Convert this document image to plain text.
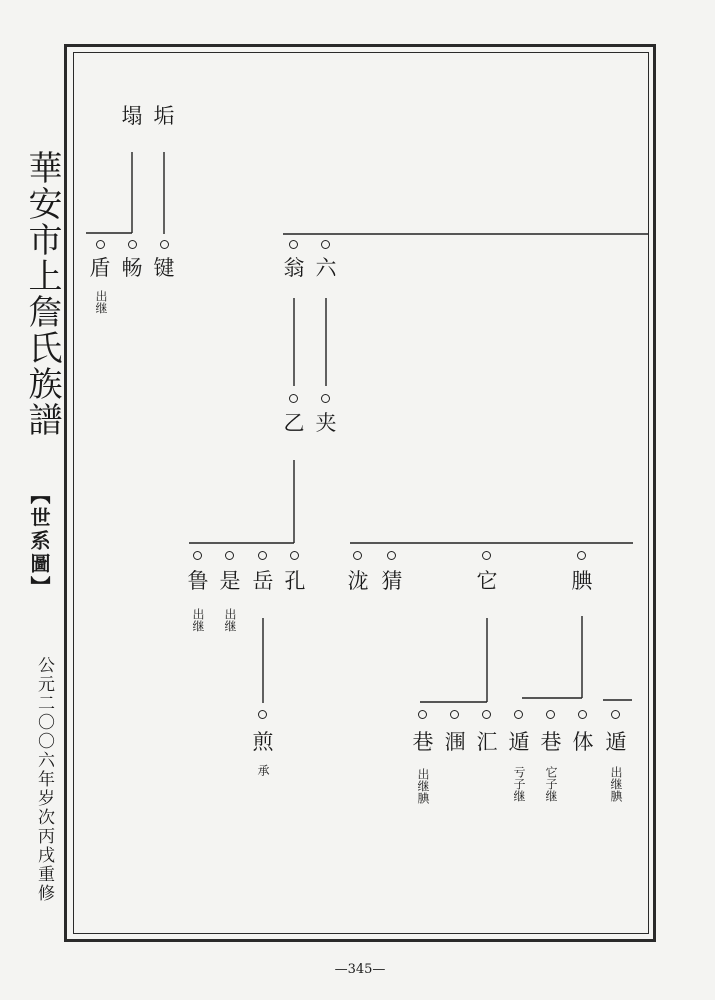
華安市上詹氏族譜
【世系圖】
公元二〇〇六年岁次丙戌重修
塌 垢
盾 畅 键	翁 六
出继
乙 夹
鲁 是 岳 孔 泷 猜	它	腆
出继 出继
煎	巷 涠 汇 遁 巷 体 遁
承	出继腆	亏子继 它子继	出继腆
—345—
